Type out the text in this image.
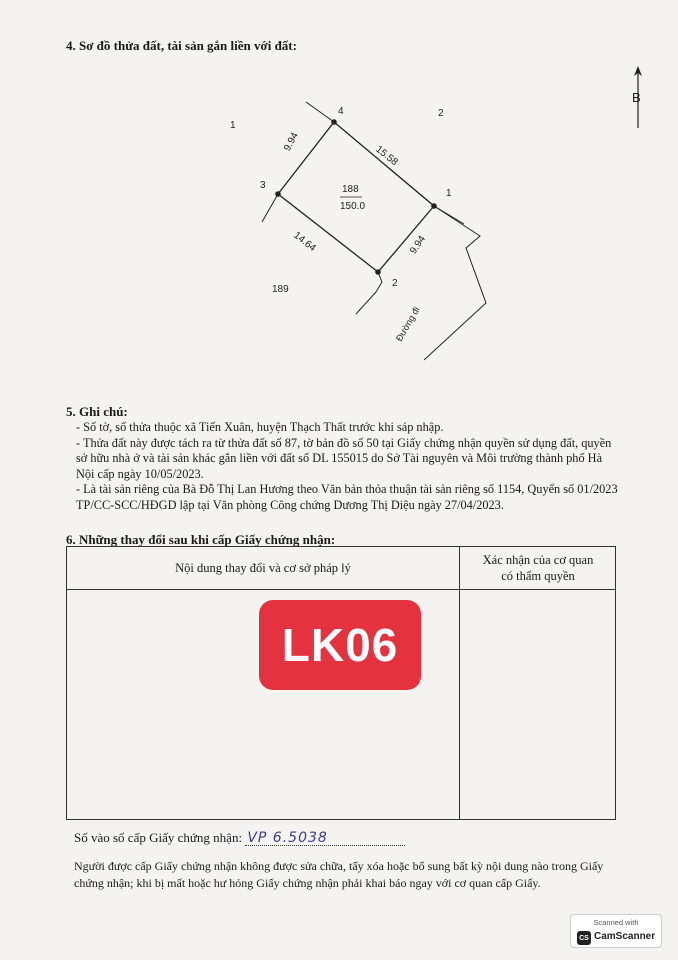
4. Sơ đồ thửa đất, tài sản gắn liền với đất:
B
4
1
2
3	188
150.0
9.94
15.58
9.94
14.64
1
2
189
Đường đi
5. Ghi chú:

- Số tờ, số thửa thuộc xã Tiến Xuân, huyện Thạch Thất trước khi sáp nhập.

- Thửa đất này được tách ra từ thửa đất số 87, tờ bản đồ số 50 tại Giấy chứng nhận quyền sử dụng đất, quyền sở hữu nhà ở và tài sản khác gắn liền với đất số DL 155015 do Sở Tài nguyên và Môi trường thành phố Hà Nội cấp ngày 10/05/2023.

- Là tài sản riêng của Bà Đỗ Thị Lan Hương theo Văn bản thỏa thuận tài sản riêng số 1154, Quyển số 01/2023 TP/CC-SCC/HĐGD lập tại Văn phòng Công chứng Dương Thị Diệu ngày 27/04/2023.

6. Những thay đổi sau khi cấp Giấy chứng nhận:
Nội dung thay đổi và cơ sở pháp lý
Xác nhận của cơ quan
có thẩm quyền
LK06
Số vào sổ cấp Giấy chứng nhận: VP 6.5038
Người được cấp Giấy chứng nhận không được sửa chữa, tẩy xóa hoặc bổ sung bất kỳ nội dung nào trong Giấy chứng nhận; khi bị mất hoặc hư hỏng Giấy chứng nhận phải khai báo ngay với cơ quan cấp Giấy.
Scanned with
CS CamScanner
